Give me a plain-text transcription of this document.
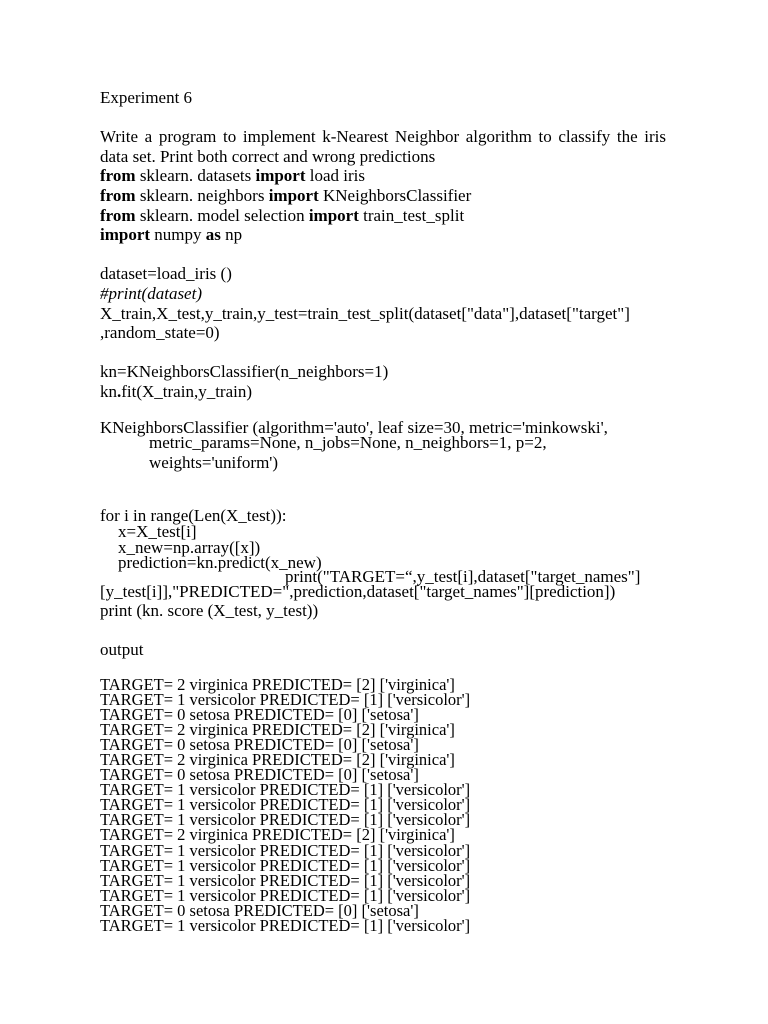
Experiment 6

Write a program to implement k-Nearest Neighbor algorithm to classify the iris data set. Print both correct and wrong predictions

from sklearn. datasets import load iris

from sklearn. neighbors import KNeighborsClassifier

from sklearn. model selection import train_test_split

import numpy as np

dataset=load_iris ()

#print(dataset)

X_train,X_test,y_train,y_test=train_test_split(dataset["data"],dataset["target"]

,random_state=0)

kn=KNeighborsClassifier(n_neighbors=1)

kn.fit(X_train,y_train)

KNeighborsClassifier (algorithm='auto', leaf size=30, metric='minkowski',

metric_params=None, n_jobs=None, n_neighbors=1, p=2,

weights='uniform')

for i in range(Len(X_test)):

x=X_test[i]

x_new=np.array([x])

prediction=kn.predict(x_new)

print("TARGET=“,y_test[i],dataset["target_names"]

[y_test[i]],"PREDICTED=",prediction,dataset["target_names"][prediction])

print (kn. score (X_test, y_test))

output

TARGET= 2 virginica PREDICTED= [2] ['virginica']

TARGET= 1 versicolor PREDICTED= [1] ['versicolor']

TARGET= 0 setosa PREDICTED= [0] ['setosa']

TARGET= 2 virginica PREDICTED= [2] ['virginica']

TARGET= 0 setosa PREDICTED= [0] ['setosa']

TARGET= 2 virginica PREDICTED= [2] ['virginica']

TARGET= 0 setosa PREDICTED= [0] ['setosa']

TARGET= 1 versicolor PREDICTED= [1] ['versicolor']

TARGET= 1 versicolor PREDICTED= [1] ['versicolor']

TARGET= 1 versicolor PREDICTED= [1] ['versicolor']

TARGET= 2 virginica PREDICTED= [2] ['virginica']

TARGET= 1 versicolor PREDICTED= [1] ['versicolor']

TARGET= 1 versicolor PREDICTED= [1] ['versicolor']

TARGET= 1 versicolor PREDICTED= [1] ['versicolor']

TARGET= 1 versicolor PREDICTED= [1] ['versicolor']

TARGET= 0 setosa PREDICTED= [0] ['setosa']

TARGET= 1 versicolor PREDICTED= [1] ['versicolor']
